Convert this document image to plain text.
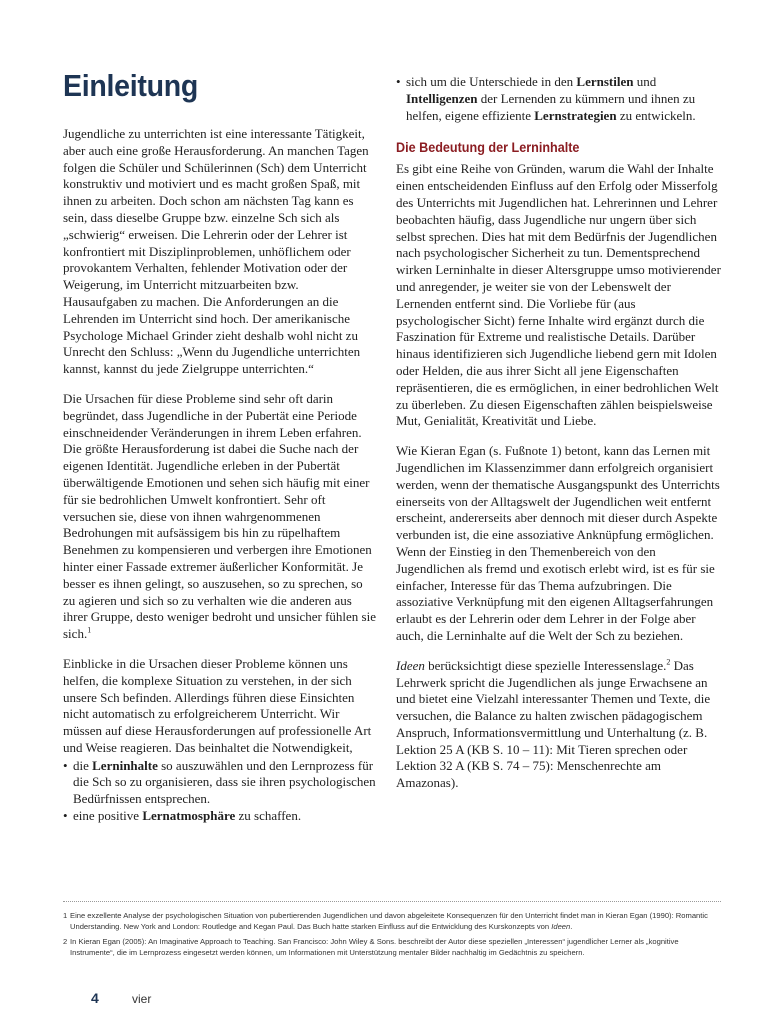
Einleitung

Jugendliche zu unterrichten ist eine interessante Tätigkeit, aber auch eine große Herausforderung. An manchen Tagen folgen die Schüler und Schülerinnen (Sch) dem Unterricht konstruktiv und motiviert und es macht großen Spaß, mit ihnen zu arbeiten. Doch schon am nächsten Tag kann es sein, dass dieselbe Gruppe bzw. einzelne Sch sich als „schwierig“ erweisen. Die Lehrerin oder der Lehrer ist konfrontiert mit Disziplinproblemen, unhöflichem oder provokantem Verhalten, fehlender Motivation oder der Weigerung, im Unterricht mitzuarbeiten bzw. Hausaufgaben zu machen. Die Anforderungen an die Lehrenden im Unterricht sind hoch. Der amerikanische Psychologe Michael Grinder zieht deshalb wohl nicht zu Unrecht den Schluss: „Wenn du Jugendliche unterrichten kannst, kannst du jede Zielgruppe unterrichten.“

Die Ursachen für diese Probleme sind sehr oft darin begründet, dass Jugendliche in der Pubertät eine Periode einschneidender Veränderungen in ihrem Leben erfahren. Die größte Herausforderung ist dabei die Suche nach der eigenen Identität. Jugendliche erleben in der Pubertät überwältigende Emotionen und sehen sich häufig mit einer für sie bedrohlichen Umwelt konfrontiert. Sehr oft versuchen sie, diese von ihnen wahrgenommenen Bedrohungen mit aufsässigem bis hin zu rüpelhaftem Benehmen zu kompensieren und verbergen ihre Emotionen hinter einer Fassade extremer äußerlicher Konformität. Je besser es ihnen gelingt, so auszusehen, so zu sprechen, so zu agieren und sich so zu verhalten wie die anderen aus ihrer Gruppe, desto weniger bedroht und unsicher fühlen sie sich.$^1$

Einblicke in die Ursachen dieser Probleme können uns helfen, die komplexe Situation zu verstehen, in der sich unsere Sch befinden. Allerdings führen diese Einsichten nicht automatisch zu erfolgreicherem Unterricht. Wir müssen auf diese Herausforderungen auf professionelle Art und Weise reagieren. Das beinhaltet die Notwendigkeit,

• die Lerninhalte so auszuwählen und den Lernprozess für die Sch so zu organisieren, dass sie ihren psychologischen Bedürfnissen entsprechen.
• eine positive Lernatmosphäre zu schaffen.
• sich um die Unterschiede in den Lernstilen und Intelligenzen der Lernenden zu kümmern und ihnen zu helfen, eigene effiziente Lernstrategien zu entwickeln.
Die Bedeutung der Lerninhalte

Es gibt eine Reihe von Gründen, warum die Wahl der Inhalte einen entscheidenden Einfluss auf den Erfolg oder Misserfolg des Unterrichts mit Jugendlichen hat. Lehrerinnen und Lehrer beobachten häufig, dass Jugendliche nur ungern über sich selbst sprechen. Dies hat mit dem Bedürfnis der Jugendlichen nach psychologischer Sicherheit zu tun. Dementsprechend wirken Lerninhalte in dieser Altersgruppe umso motivierender und anregender, je weiter sie von der Lebenswelt der Lernenden entfernt sind. Die Vorliebe für (aus psychologischer Sicht) ferne Inhalte wird ergänzt durch die Faszination für Extreme und realistische Details. Darüber hinaus identifizieren sich Jugendliche liebend gern mit Idolen oder Helden, die aus ihrer Sicht all jene Eigenschaften repräsentieren, die es ermöglichen, in einer bedrohlichen Welt zu überleben. Zu diesen Eigenschaften zählen beispielsweise Mut, Genialität, Kreativität und Liebe.

Wie Kieran Egan (s. Fußnote 1) betont, kann das Lernen mit Jugendlichen im Klassenzimmer dann erfolgreich organisiert werden, wenn der thematische Ausgangspunkt des Unterrichts einerseits von der Alltagswelt der Jugendlichen weit entfernt erscheint, andererseits aber dennoch mit dieser durch Aspekte verbunden ist, die eine assoziative Anknüpfung ermöglichen. Wenn der Einstieg in den Themenbereich von den Jugendlichen als fremd und exotisch erlebt wird, ist es für sie einfacher, Interesse für das Thema aufzubringen. Die assoziative Verknüpfung mit den eigenen Alltagserfahrungen erlaubt es der Lehrerin oder dem Lehrer in der Folge aber auch, die Lerninhalte auf die Welt der Sch zu beziehen.

Ideen berücksichtigt diese spezielle Interessenslage.$^2$ Das Lehrwerk spricht die Jugendlichen als junge Erwachsene an und bietet eine Vielzahl interessanter Themen und Texte, die versuchen, die Balance zu halten zwischen pädagogischem Anspruch, Informationsvermittlung und Unterhaltung (z. B. Lektion 25 A (KB S. 10 – 11): Mit Tieren sprechen oder Lektion 32 A (KB S. 74 – 75): Menschenrechte am Amazonas).

1 Eine exzellente Analyse der psychologischen Situation von pubertierenden Jugendlichen und davon abgeleitete Konsequenzen für den Unterricht findet man in Kieran Egan (1990): Romantic Understanding. New York and London: Routledge and Kegan Paul. Das Buch hatte starken Einfluss auf die Entwicklung des Kurskonzepts von Ideen.
2 In Kieran Egan (2005): An Imaginative Approach to Teaching. San Francisco: John Wiley & Sons. beschreibt der Autor diese speziellen „Interessen“ jugendlicher Lerner als „kognitive Instrumente“, die im Lernprozess eingesetzt werden können, um Informationen mit Unterstützung mentaler Bilder nachhaltig im Gedächtnis zu speichern.
4	vier
